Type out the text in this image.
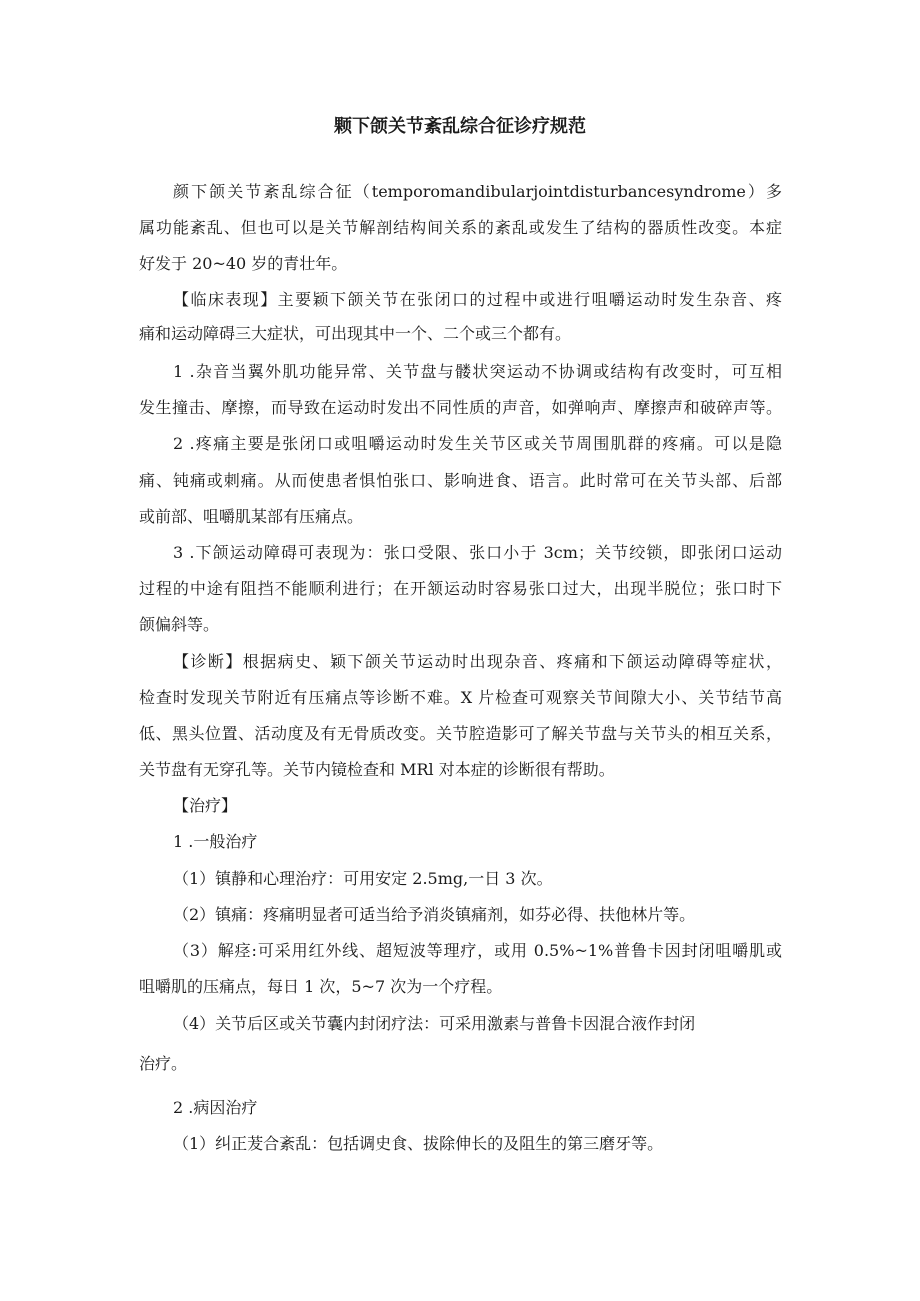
颗下颌关节紊乱综合征诊疗规范
颜下颌关节紊乱综合征（temporomandibularjointdisturbancesyndrome）多
属功能紊乱、但也可以是关节解剖结构间关系的紊乱或发生了结构的器质性改变。本症
好发于 20~40 岁的青壮年。
【临床表现】主要颖下颌关节在张闭口的过程中或进行咀嚼运动时发生杂音、疼
痛和运动障碍三大症状，可出现其中一个、二个或三个都有。
1 .杂音当翼外肌功能异常、关节盘与髅状突运动不协调或结构有改变时，可互相
发生撞击、摩擦，而导致在运动时发出不同性质的声音，如弹响声、摩擦声和破碎声等。
2 .疼痛主要是张闭口或咀嚼运动时发生关节区或关节周围肌群的疼痛。可以是隐
痛、钝痛或刺痛。从而使患者惧怕张口、影响进食、语言。此时常可在关节头部、后部
或前部、咀嚼肌某部有压痛点。
3 .下颌运动障碍可表现为：张口受限、张口小于 3cm；关节绞锁，即张闭口运动
过程的中途有阻挡不能顺利进行；在开颔运动时容易张口过大，出现半脱位；张口时下
颌偏斜等。
【诊断】根据病史、颖下颌关节运动时出现杂音、疼痛和下颌运动障碍等症状，
检查时发现关节附近有压痛点等诊断不难。X 片检查可观察关节间隙大小、关节结节高
低、黑头位置、活动度及有无骨质改变。关节腔造影可了解关节盘与关节头的相互关系，
关节盘有无穿孔等。关节内镜检查和 MRl 对本症的诊断很有帮助。
【治疗】
1 .一般治疗
（1）镇静和心理治疗：可用安定 2.5mg,一日 3 次。
（2）镇痛：疼痛明显者可适当给予消炎镇痛剂，如芬必得、扶他林片等。
（3）解痉:可采用红外线、超短波等理疗，或用 0.5%~1%普鲁卡因封闭咀嚼肌或
咀嚼肌的压痛点，每日 1 次，5~7 次为一个疗程。
（4）关节后区或关节囊内封闭疗法：可采用激素与普鲁卡因混合液作封闭
治疗。
2 .病因治疗
（1）纠正茇合紊乱：包括调史食、拔除伸长的及阻生的第三磨牙等。
